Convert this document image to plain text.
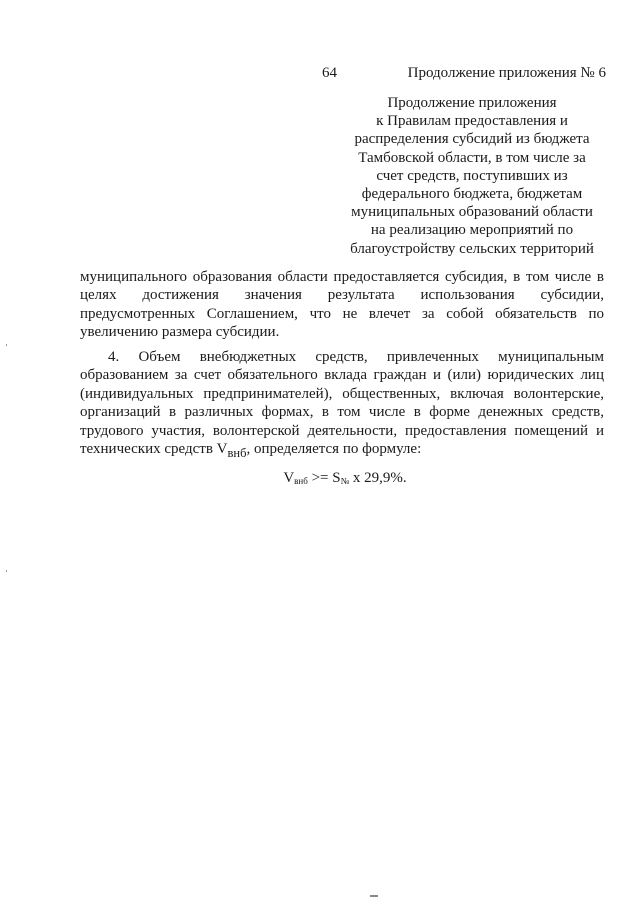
64	Продолжение приложения № 6
Продолжение приложения
к Правилам предоставления и
распределения субсидий из бюджета
Тамбовской области, в том числе за
счет средств, поступивших из
федерального бюджета, бюджетам
муниципальных образований области
на реализацию мероприятий по
благоустройству сельских территорий

муниципального образования области предоставляется субсидия, в том числе в целях достижения значения результата использования субсидии, предусмотренных Соглашением, что не влечет за собой обязательств по увеличению размера субсидии.

4. Объем внебюджетных средств, привлеченных муниципальным образованием за счет обязательного вклада граждан и (или) юридических лиц (индивидуальных предпринимателей), общественных, включая волонтерские, организаций в различных формах, в том числе в форме денежных средств, трудового участия, волонтерской деятельности, предоставления помещений и технических средств $V_{внб}$, определяется по формуле:

$V_{внб} >= S_№$ x 29,9%.
